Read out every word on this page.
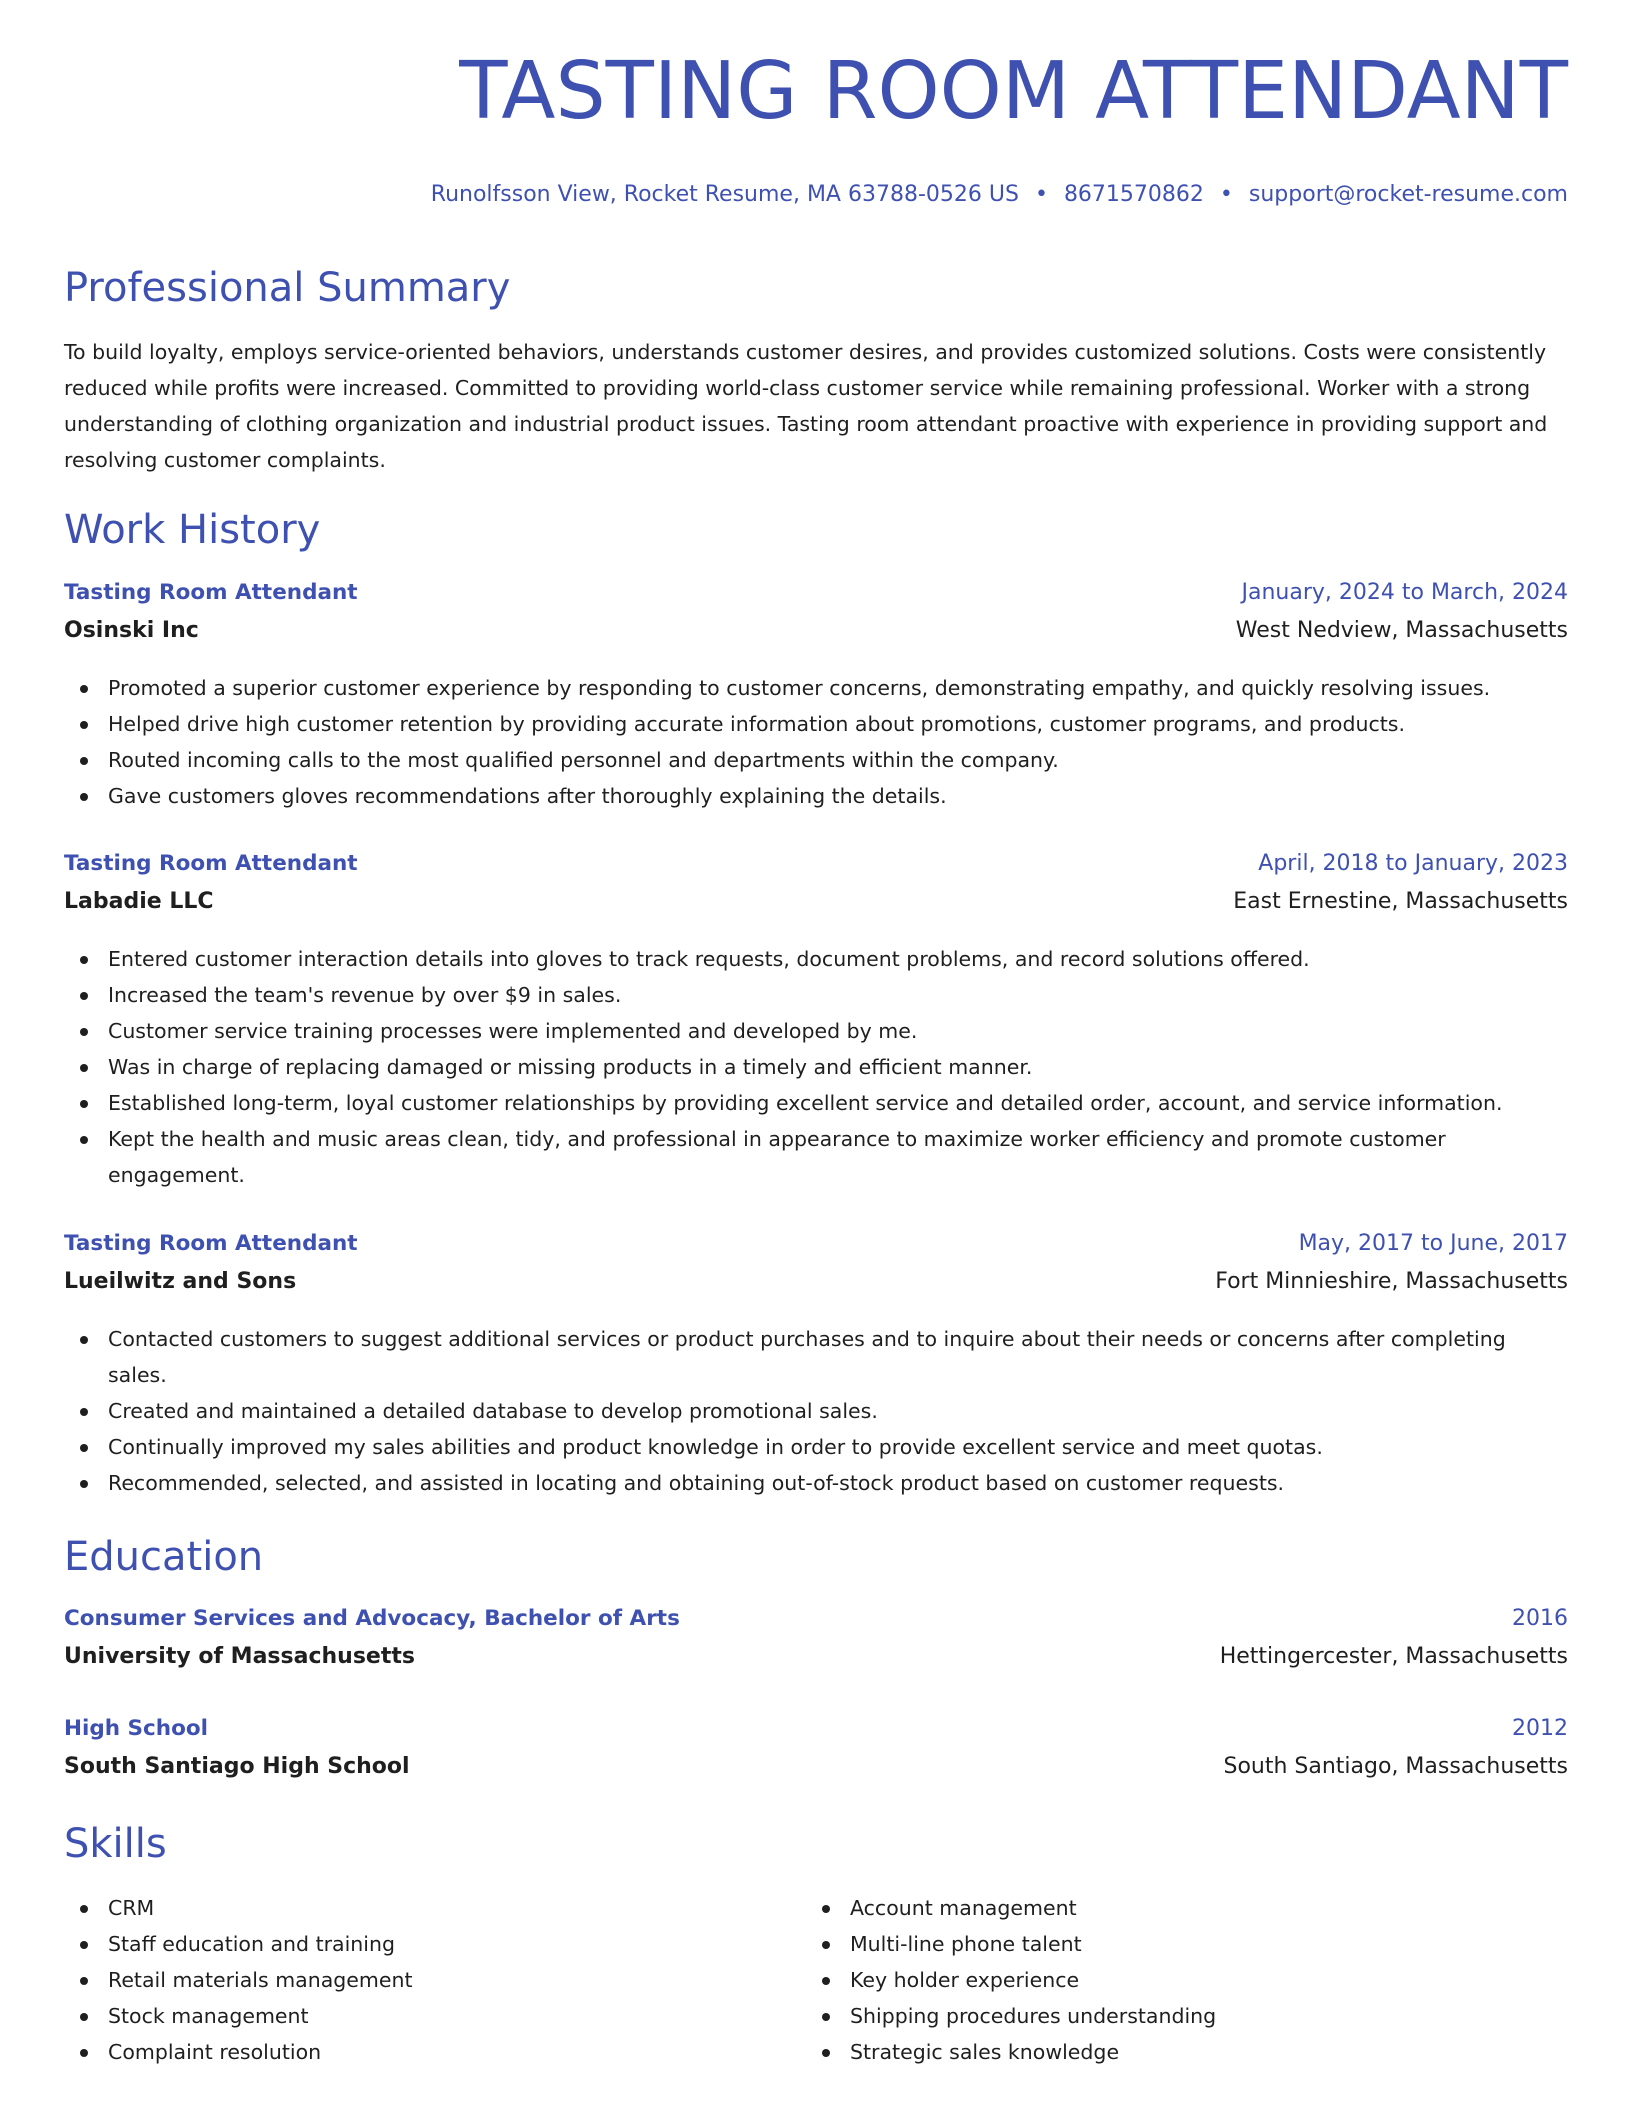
TASTING ROOM ATTENDANT
Runolfsson View, Rocket Resume, MA 63788-0526 US • 8671570862 • support@rocket-resume.com
Professional Summary

To build loyalty, employs service-oriented behaviors, understands customer desires, and provides customized solutions. Costs were consistently reduced while profits were increased. Committed to providing world-class customer service while remaining professional. Worker with a strong understanding of clothing organization and industrial product issues. Tasting room attendant proactive with experience in providing support and resolving customer complaints.

Work History
Tasting Room Attendant	January, 2024 to March, 2024
Osinski Inc	West Nedview, Massachusetts
Promoted a superior customer experience by responding to customer concerns, demonstrating empathy, and quickly resolving issues.
Helped drive high customer retention by providing accurate information about promotions, customer programs, and products.
Routed incoming calls to the most qualified personnel and departments within the company.
Gave customers gloves recommendations after thoroughly explaining the details.
Tasting Room Attendant	April, 2018 to January, 2023
Labadie LLC	East Ernestine, Massachusetts
Entered customer interaction details into gloves to track requests, document problems, and record solutions offered.
Increased the team's revenue by over $9 in sales.
Customer service training processes were implemented and developed by me.
Was in charge of replacing damaged or missing products in a timely and efficient manner.
Established long-term, loyal customer relationships by providing excellent service and detailed order, account, and service information.
Kept the health and music areas clean, tidy, and professional in appearance to maximize worker efficiency and promote customer engagement.
Tasting Room Attendant	May, 2017 to June, 2017
Lueilwitz and Sons	Fort Minnieshire, Massachusetts
Contacted customers to suggest additional services or product purchases and to inquire about their needs or concerns after completing sales.
Created and maintained a detailed database to develop promotional sales.
Continually improved my sales abilities and product knowledge in order to provide excellent service and meet quotas.
Recommended, selected, and assisted in locating and obtaining out-of-stock product based on customer requests.
Education
Consumer Services and Advocacy, Bachelor of Arts	2016
University of Massachusetts	Hettingercester, Massachusetts
High School	2012
South Santiago High School	South Santiago, Massachusetts
Skills
CRM
Staff education and training
Retail materials management
Stock management
Complaint resolution
Account management
Multi-line phone talent
Key holder experience
Shipping procedures understanding
Strategic sales knowledge
